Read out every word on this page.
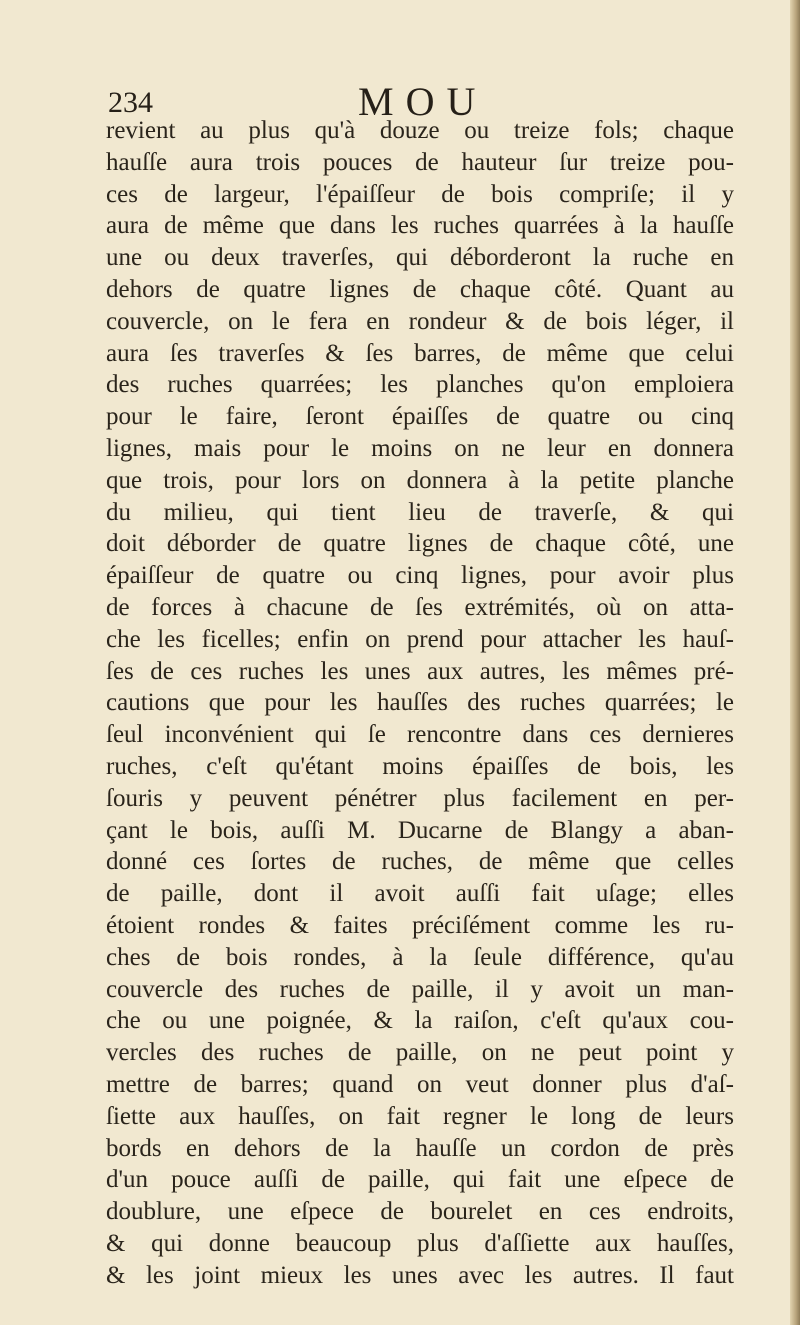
234	MOU
revient au plus qu'à douze ou treize fols; chaque
hauſſe aura trois pouces de hauteur ſur treize pou-
ces de largeur, l'épaiſſeur de bois compriſe; il y
aura de même que dans les ruches quarrées à la hauſſe
une ou deux traverſes, qui déborderont la ruche en
dehors de quatre lignes de chaque côté. Quant au
couvercle, on le fera en rondeur & de bois léger, il
aura ſes traverſes & ſes barres, de même que celui
des ruches quarrées; les planches qu'on emploiera
pour le faire, ſeront épaiſſes de quatre ou cinq
lignes, mais pour le moins on ne leur en donnera
que trois, pour lors on donnera à la petite planche
du milieu, qui tient lieu de traverſe, & qui
doit déborder de quatre lignes de chaque côté, une
épaiſſeur de quatre ou cinq lignes, pour avoir plus
de forces à chacune de ſes extrémités, où on atta-
che les ficelles; enfin on prend pour attacher les hauſ-
ſes de ces ruches les unes aux autres, les mêmes pré-
cautions que pour les hauſſes des ruches quarrées; le
ſeul inconvénient qui ſe rencontre dans ces dernieres
ruches, c'eſt qu'étant moins épaiſſes de bois, les
ſouris y peuvent pénétrer plus facilement en per-
çant le bois, auſſi M. Ducarne de Blangy a aban-
donné ces ſortes de ruches, de même que celles
de paille, dont il avoit auſſi fait uſage; elles
étoient rondes & faites préciſément comme les ru-
ches de bois rondes, à la ſeule différence, qu'au
couvercle des ruches de paille, il y avoit un man-
che ou une poignée, & la raiſon, c'eſt qu'aux cou-
vercles des ruches de paille, on ne peut point y
mettre de barres; quand on veut donner plus d'aſ-
ſiette aux hauſſes, on fait regner le long de leurs
bords en dehors de la hauſſe un cordon de près
d'un pouce auſſi de paille, qui fait une eſpece de
doublure, une eſpece de bourelet en ces endroits,
& qui donne beaucoup plus d'aſſiette aux hauſſes,
& les joint mieux les unes avec les autres. Il faut
